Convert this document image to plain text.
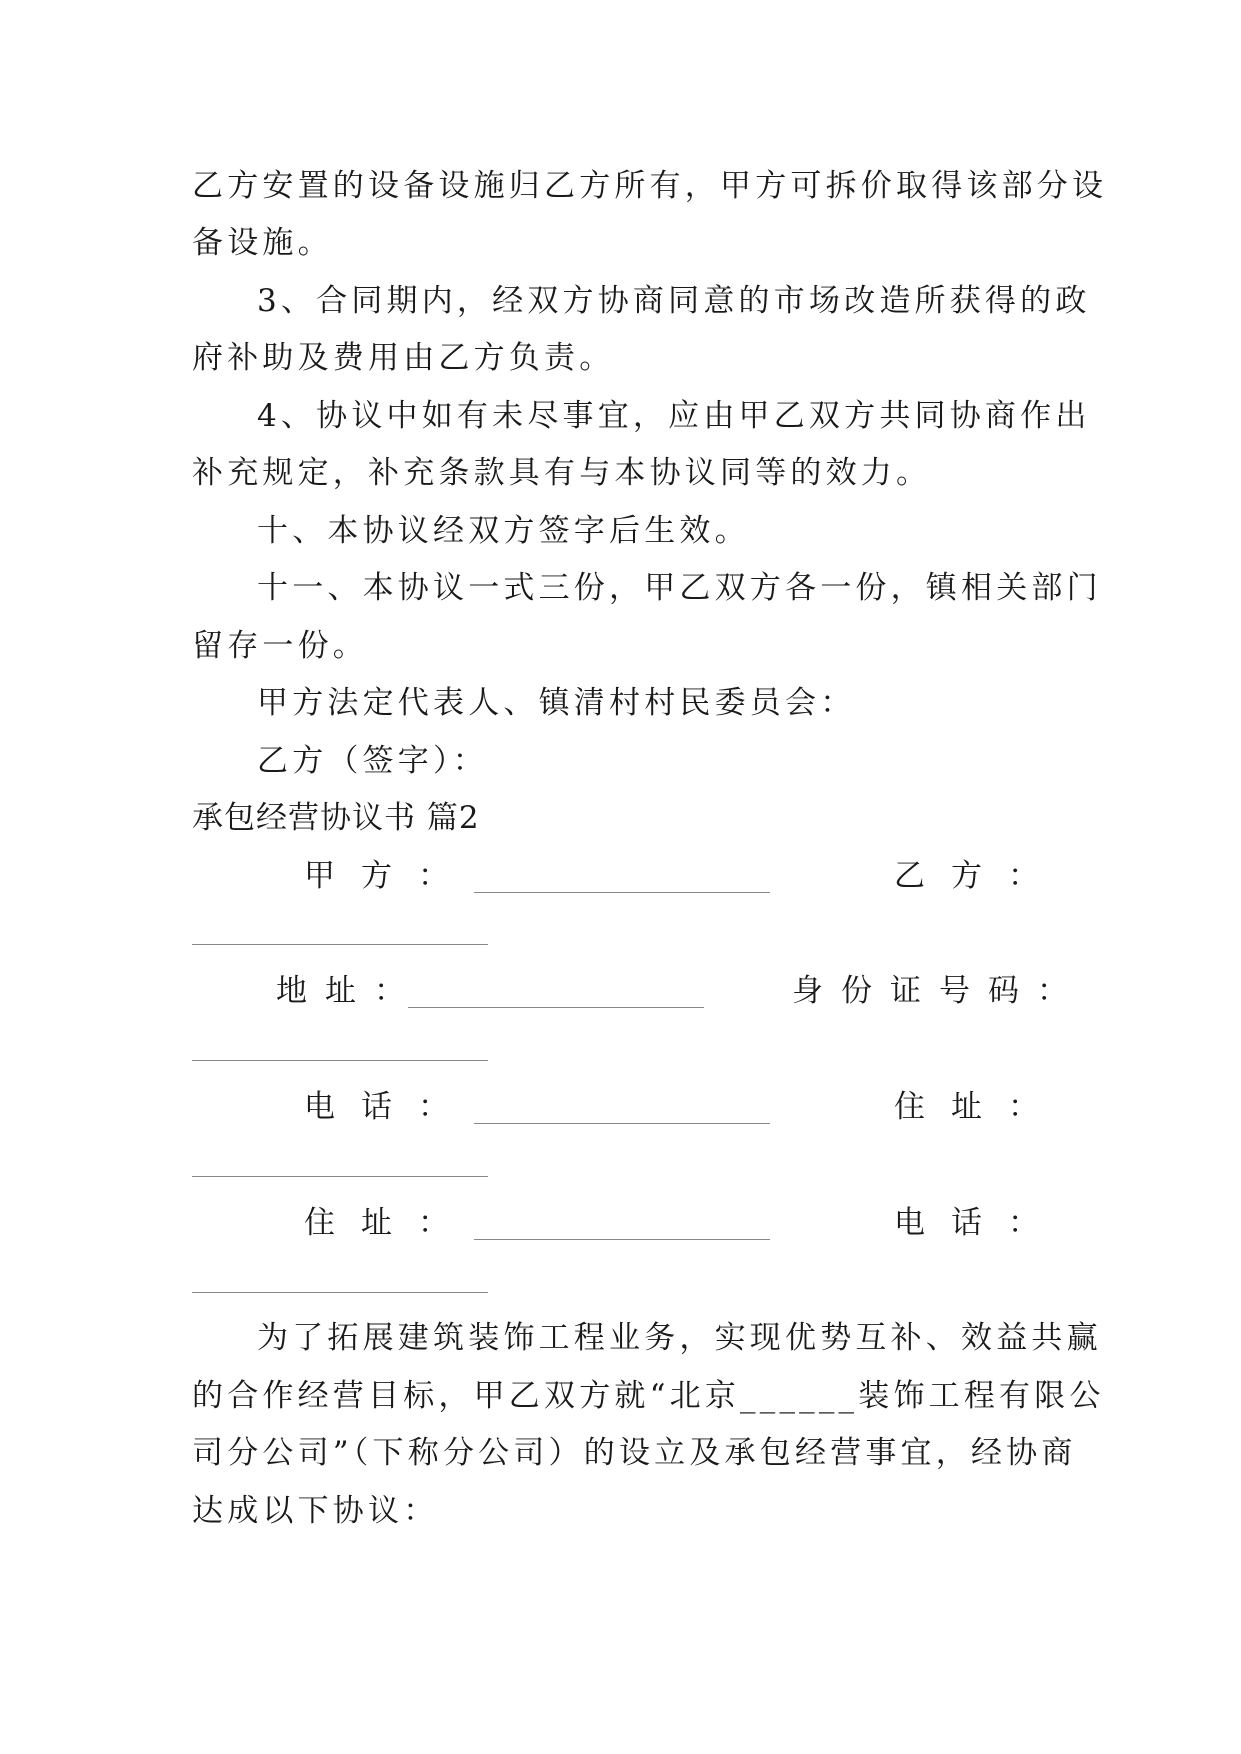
乙方安置的设备设施归乙方所有，甲方可拆价取得该部分设
备设施。
3、合同期内，经双方协商同意的市场改造所获得的政
府补助及费用由乙方负责。
4、协议中如有未尽事宜，应由甲乙双方共同协商作出
补充规定，补充条款具有与本协议同等的效力。
十、本协议经双方签字后生效。
十一、本协议一式三份，甲乙双方各一份，镇相关部门
留存一份。
甲方法定代表人、镇清村村民委员会：
乙方（签字）：
承包经营协议书 篇2
甲方：	乙方：
地址：	身份证号码：
电话：	住址：
住址：	电话：
为了拓展建筑装饰工程业务，实现优势互补、效益共赢
的合作经营目标，甲乙双方就“北京______装饰工程有限公
司分公司”（下称分公司）的设立及承包经营事宜，经协商
达成以下协议：
